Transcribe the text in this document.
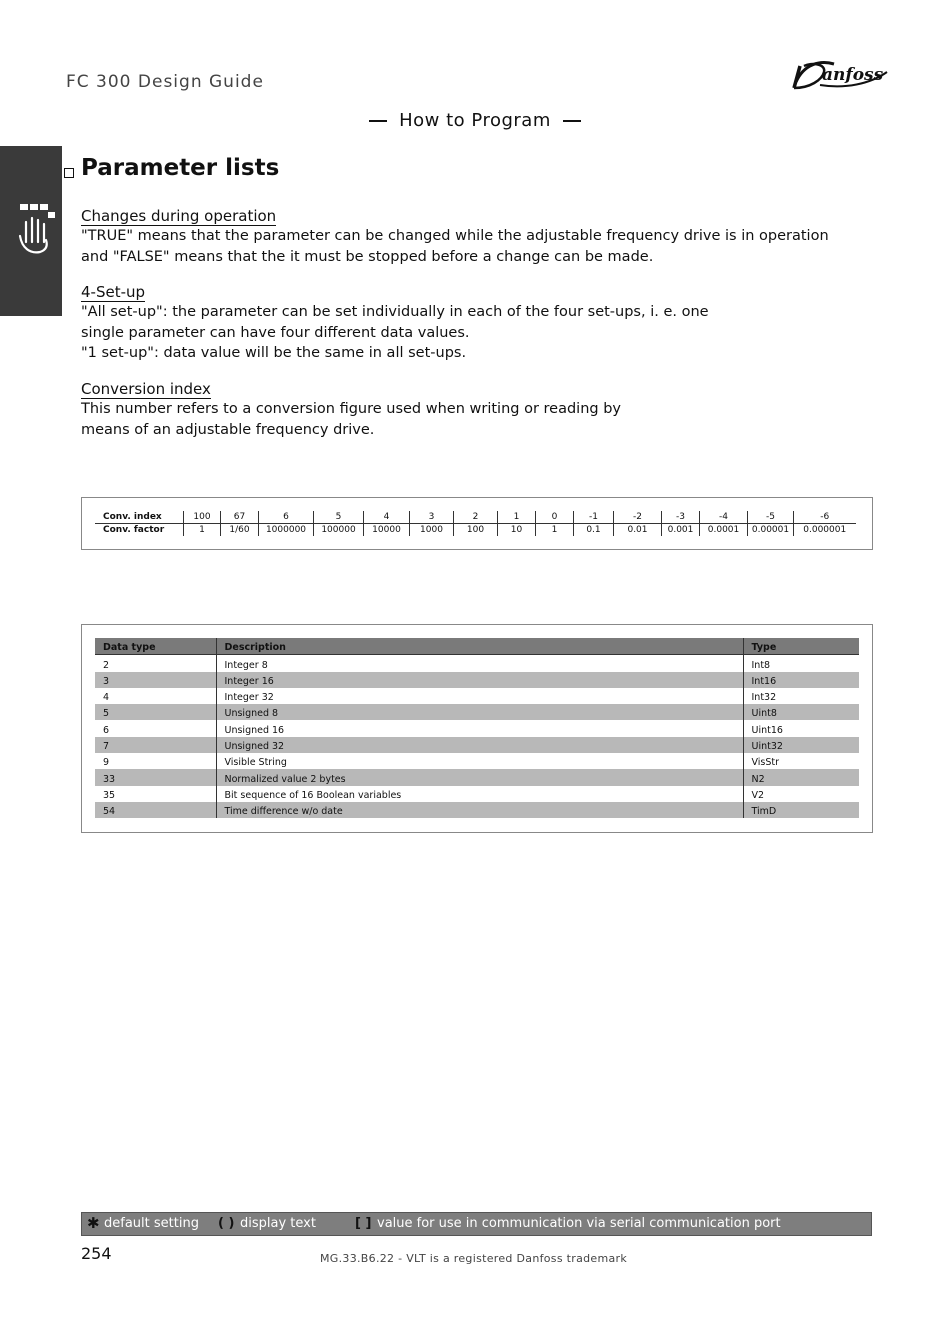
FC 300 Design Guide	anfoss
How to Program
Parameter lists
Changes during operation
"TRUE" means that the parameter can be changed while the adjustable frequency drive is in operation
and "FALSE" means that the it must be stopped before a change can be made.
4-Set-up
"All set-up": the parameter can be set individually in each of the four set-ups, i. e. one
single parameter can have four different data values.
"1 set-up": data value will be the same in all set-ups.
Conversion index
This number refers to a conversion figure used when writing or reading by
means of an adjustable frequency drive.
Conv. index	100	67	6	5	4	3	2	1	0	-1	-2	-3	-4	-5	-6
Conv. factor	1	1/60	1000000	100000	10000	1000	100	10	1	0.1	0.01	0.001	0.0001	0.00001	0.000001
Data type	Description	Type
2	Integer 8	Int8
3	Integer 16	Int16
4	Integer 32	Int32
5	Unsigned 8	Uint8
6	Unsigned 16	Uint16
7	Unsigned 32	Uint32
9	Visible String	VisStr
33	Normalized value 2 bytes	N2
35	Bit sequence of 16 Boolean variables	V2
54	Time difference w/o date	TimD
✱ default setting ( ) display text	[ ] value for use in communication via serial communication port
254	MG.33.B6.22 - VLT is a registered Danfoss trademark
